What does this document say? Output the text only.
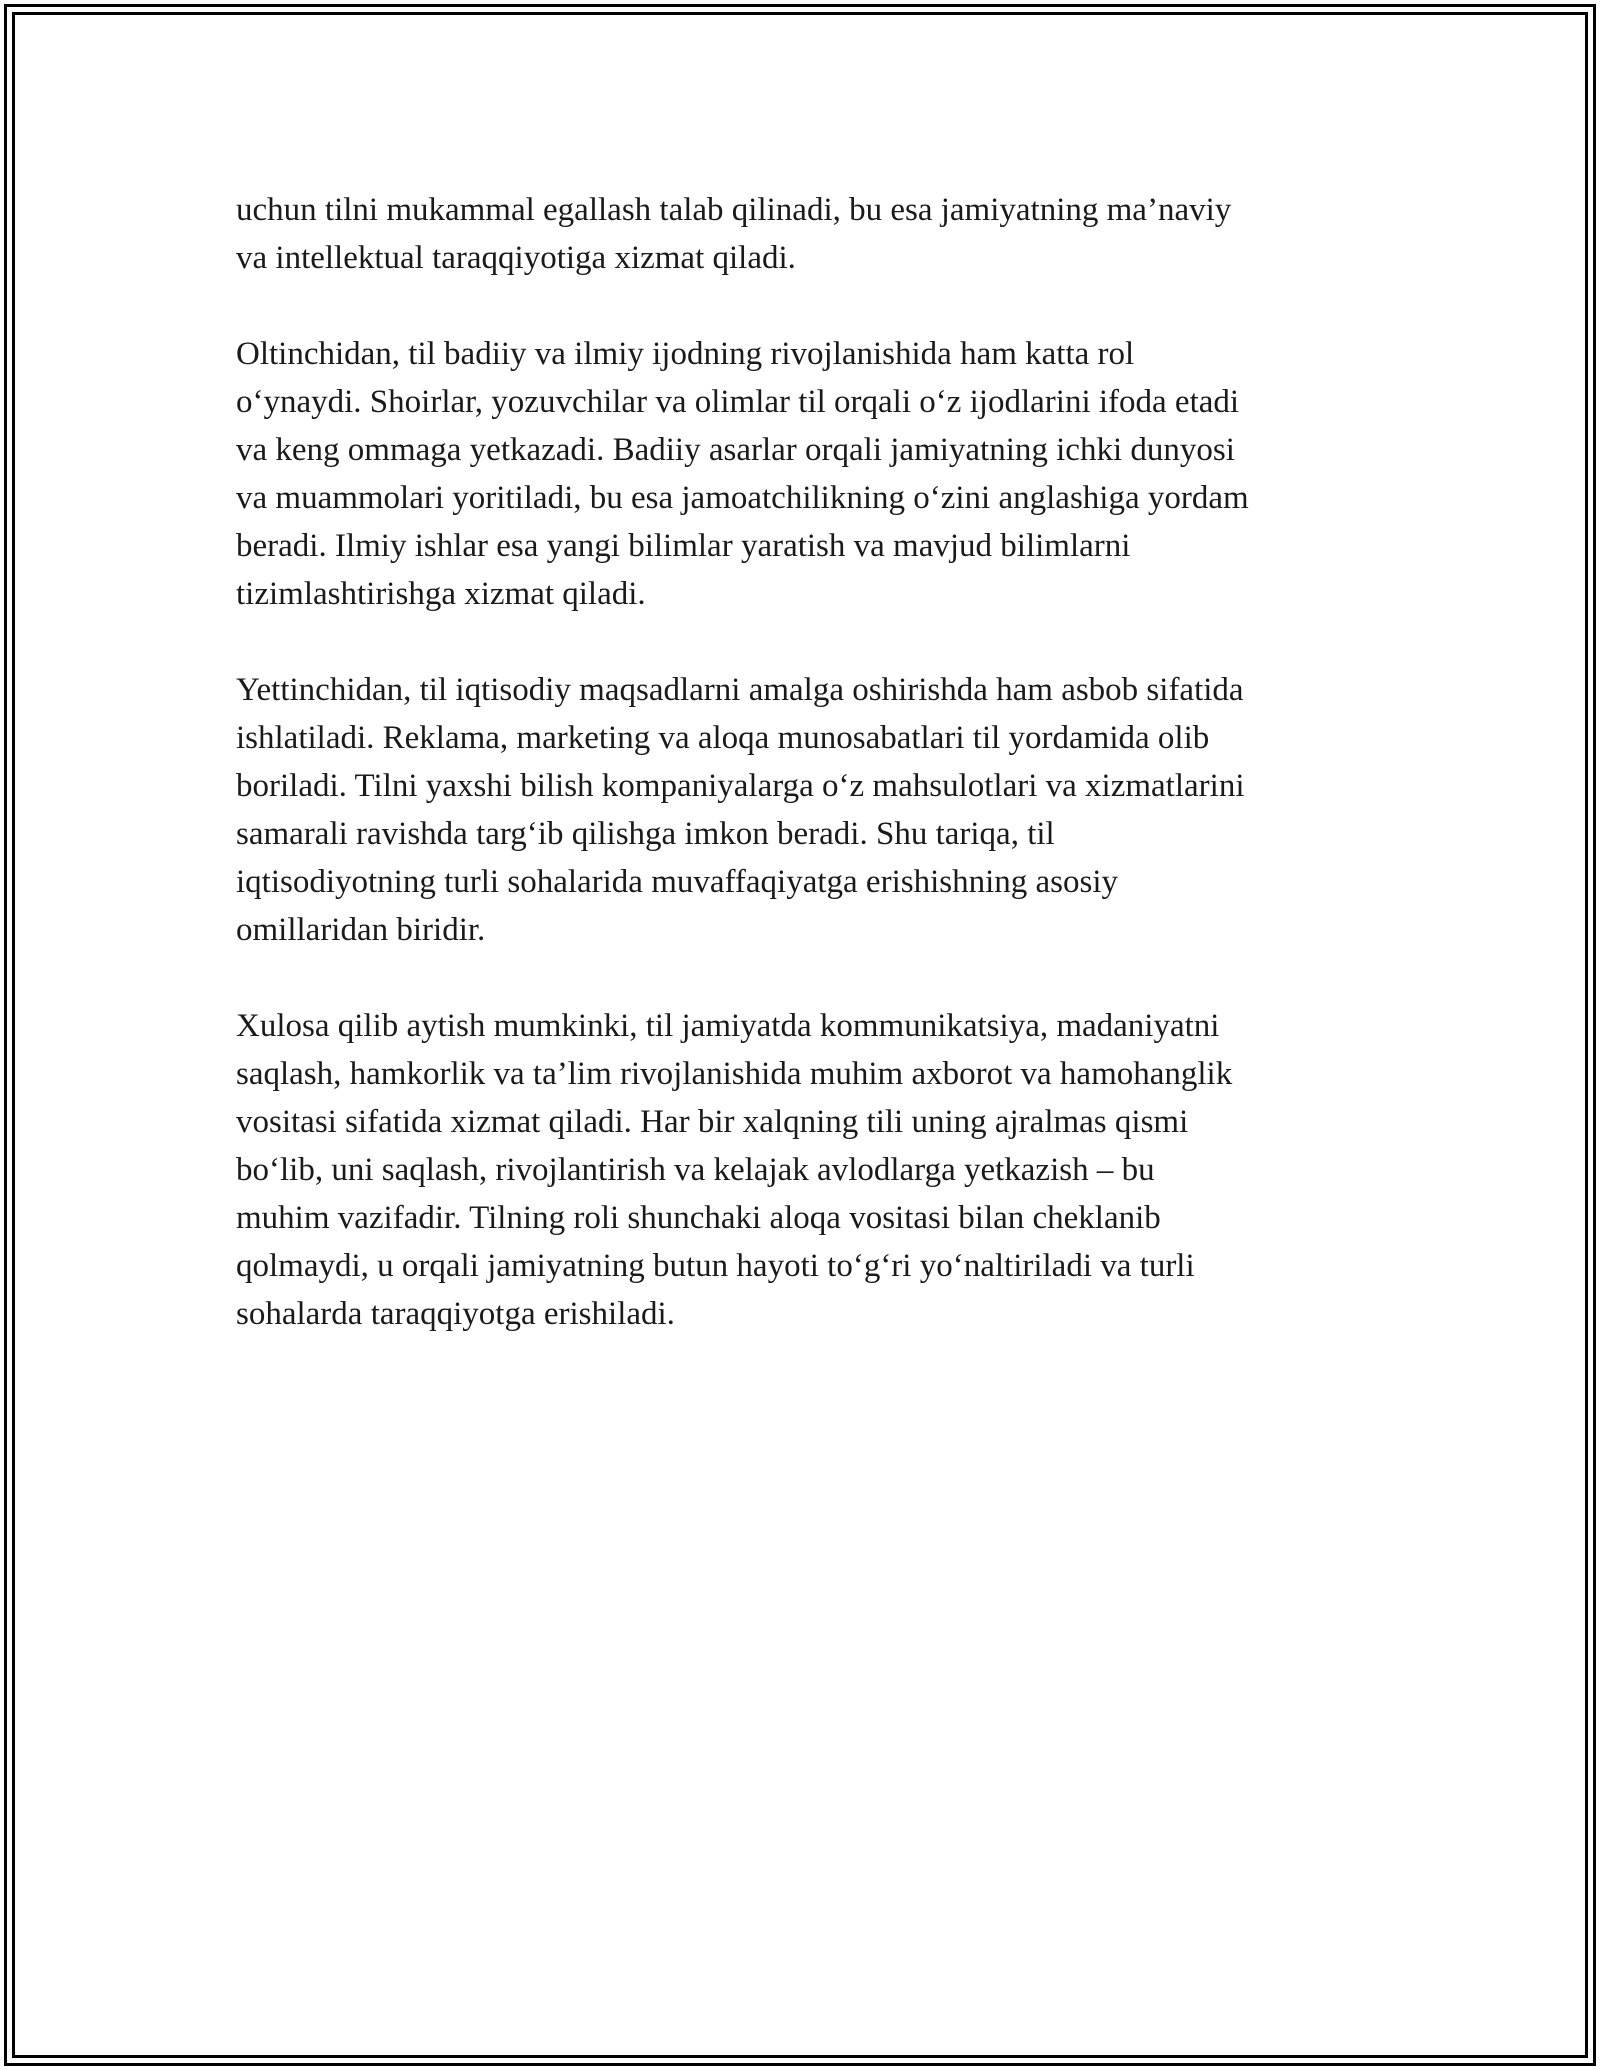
uchun tilni mukammal egallash talab qilinadi, bu esa jamiyatning ma’naviy
va intellektual taraqqiyotiga xizmat qiladi.

Oltinchidan, til badiiy va ilmiy ijodning rivojlanishida ham katta rol
o‘ynaydi. Shoirlar, yozuvchilar va olimlar til orqali o‘z ijodlarini ifoda etadi
va keng ommaga yetkazadi. Badiiy asarlar orqali jamiyatning ichki dunyosi
va muammolari yoritiladi, bu esa jamoatchilikning o‘zini anglashiga yordam
beradi. Ilmiy ishlar esa yangi bilimlar yaratish va mavjud bilimlarni
tizimlashtirishga xizmat qiladi.

Yettinchidan, til iqtisodiy maqsadlarni amalga oshirishda ham asbob sifatida
ishlatiladi. Reklama, marketing va aloqa munosabatlari til yordamida olib
boriladi. Tilni yaxshi bilish kompaniyalarga o‘z mahsulotlari va xizmatlarini
samarali ravishda targ‘ib qilishga imkon beradi. Shu tariqa, til
iqtisodiyotning turli sohalarida muvaffaqiyatga erishishning asosiy
omillaridan biridir.

Xulosa qilib aytish mumkinki, til jamiyatda kommunikatsiya, madaniyatni
saqlash, hamkorlik va ta’lim rivojlanishida muhim axborot va hamohanglik
vositasi sifatida xizmat qiladi. Har bir xalqning tili uning ajralmas qismi
bo‘lib, uni saqlash, rivojlantirish va kelajak avlodlarga yetkazish – bu
muhim vazifadir. Tilning roli shunchaki aloqa vositasi bilan cheklanib
qolmaydi, u orqali jamiyatning butun hayoti to‘g‘ri yo‘naltiriladi va turli
sohalarda taraqqiyotga erishiladi.
